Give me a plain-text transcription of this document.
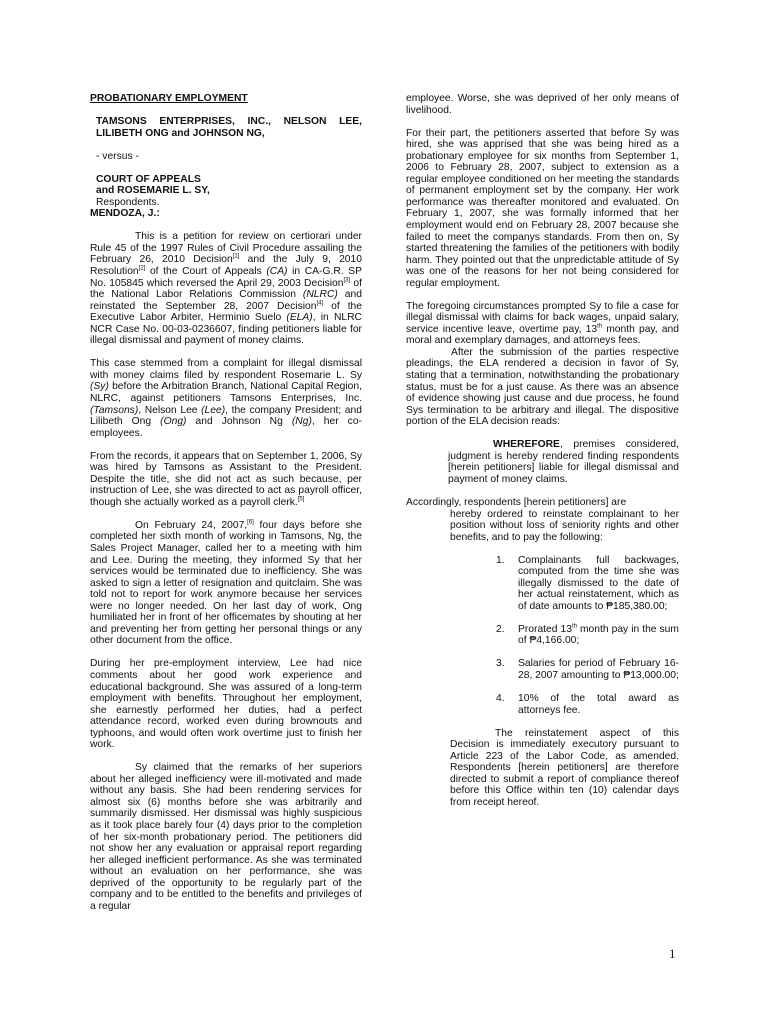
PROBATIONARY EMPLOYMENT

TAMSONS ENTERPRISES, INC., NELSON LEE, LILIBETH ONG and JOHNSON NG,

- versus -

COURT OF APPEALS

and ROSEMARIE L. SY,

Respondents.

MENDOZA, J.:

This is a petition for review on certiorari under Rule 45 of the 1997 Rules of Civil Procedure assailing the February 26, 2010 Decision[1] and the July 9, 2010 Resolution[2] of the Court of Appeals (CA) in CA-G.R. SP No. 105845 which reversed the April 29, 2003 Decision[3] of the National Labor Relations Commission (NLRC) and reinstated the September 28, 2007 Decision[4] of the Executive Labor Arbiter, Herminio Suelo (ELA), in NLRC NCR Case No. 00-03-0236607, finding petitioners liable for illegal dismissal and payment of money claims.

This case stemmed from a complaint for illegal dismissal with money claims filed by respondent Rosemarie L. Sy (Sy) before the Arbitration Branch, National Capital Region, NLRC, against petitioners Tamsons Enterprises, Inc. (Tamsons), Nelson Lee (Lee), the company President; and Lilibeth Ong (Ong) and Johnson Ng (Ng), her co-employees.

From the records, it appears that on September 1, 2006, Sy was hired by Tamsons as Assistant to the President. Despite the title, she did not act as such because, per instruction of Lee, she was directed to act as payroll officer, though she actually worked as a payroll clerk.[5]

On February 24, 2007,[6] four days before she completed her sixth month of working in Tamsons, Ng, the Sales Project Manager, called her to a meeting with him and Lee. During the meeting, they informed Sy that her services would be terminated due to inefficiency. She was asked to sign a letter of resignation and quitclaim. She was told not to report for work anymore because her services were no longer needed. On her last day of work, Ong humiliated her in front of her officemates by shouting at her and preventing her from getting her personal things or any other document from the office.

During her pre-employment interview, Lee had nice comments about her good work experience and educational background. She was assured of a long-term employment with benefits. Throughout her employment, she earnestly performed her duties, had a perfect attendance record, worked even during brownouts and typhoons, and would often work overtime just to finish her work.

Sy claimed that the remarks of her superiors about her alleged inefficiency were ill-motivated and made without any basis. She had been rendering services for almost six (6) months before she was arbitrarily and summarily dismissed. Her dismissal was highly suspicious as it took place barely four (4) days prior to the completion of her six-month probationary period. The petitioners did not show her any evaluation or appraisal report regarding her alleged inefficient performance. As she was terminated without an evaluation on her performance, she was deprived of the opportunity to be regularly part of the company and to be entitled to the benefits and privileges of a regular

employee. Worse, she was deprived of her only means of livelihood.

For their part, the petitioners asserted that before Sy was hired, she was apprised that she was being hired as a probationary employee for six months from September 1, 2006 to February 28, 2007, subject to extension as a regular employee conditioned on her meeting the standards of permanent employment set by the company. Her work performance was thereafter monitored and evaluated. On February 1, 2007, she was formally informed that her employment would end on February 28, 2007 because she failed to meet the companys standards. From then on, Sy started threatening the families of the petitioners with bodily harm. They pointed out that the unpredictable attitude of Sy was one of the reasons for her not being considered for regular employment.

The foregoing circumstances prompted Sy to file a case for illegal dismissal with claims for back wages, unpaid salary, service incentive leave, overtime pay, 13th month pay, and moral and exemplary damages, and attorneys fees.

After the submission of the parties respective pleadings, the ELA rendered a decision in favor of Sy, stating that a termination, notwithstanding the probationary status, must be for a just cause. As there was an absence of evidence showing just cause and due process, he found Sys termination to be arbitrary and illegal. The dispositive portion of the ELA decision reads:

WHEREFORE, premises considered, judgment is hereby rendered finding respondents [herein petitioners] liable for illegal dismissal and payment of money claims.

Accordingly, respondents [herein petitioners] are

hereby ordered to reinstate complainant to her position without loss of seniority rights and other benefits, and to pay the following:

1.	Complainants full backwages, computed from the time she was illegally dismissed to the date of her actual reinstatement, which as of date amounts to ₱185,380.00;
2.	Prorated 13th month pay in the sum of ₱4,166.00;
3.	Salaries for period of February 16-28, 2007 amounting to ₱13,000.00;
4.	10% of the total award as attorneys fee.

The reinstatement aspect of this Decision is immediately executory pursuant to Article 223 of the Labor Code, as amended. Respondents [herein petitioners] are therefore directed to submit a report of compliance thereof before this Office within ten (10) calendar days from receipt hereof.

1
